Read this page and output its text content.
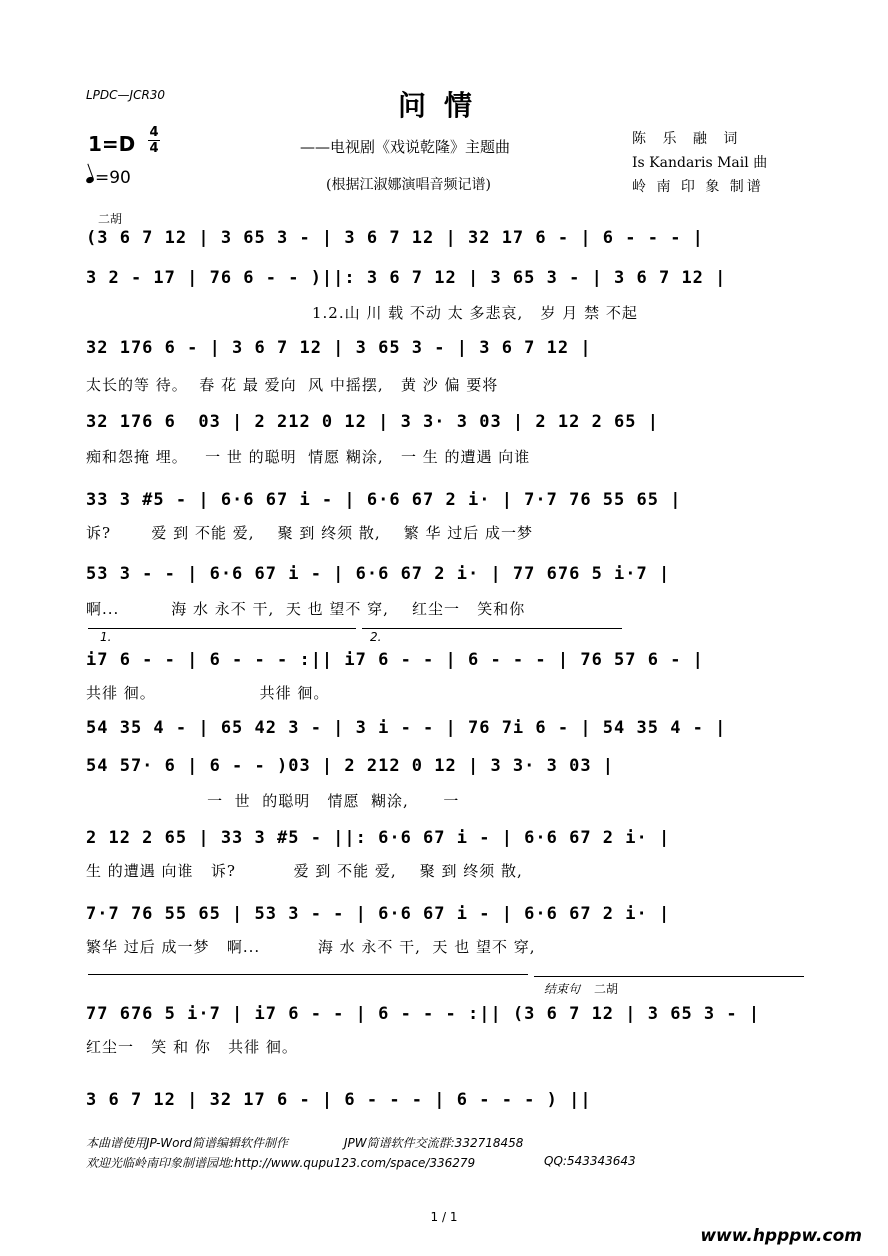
LPDC—JCR30	问情
1=D 4
4
=90
——电视剧《戏说乾隆》主题曲
(根据江淑娜演唱音频记谱)
陈 乐 融 词
Is Kandaris Mail 曲
岭 南 印 象 制谱
二胡
(3 6 7 12 | 3 65 3 - | 3 6 7 12 | 32 17 6 - | 6 - - - |
3 2 - 17 | 76 6 - - )||: 3 6 7 12 | 3 65 3 - | 3 6 7 12 |
1.2.山 川 载 不动 太 多悲哀,   岁 月 禁 不起
32 176 6 - | 3 6 7 12 | 3 65 3 - | 3 6 7 12 |
太长的等 待。  春 花 最 爱向  风 中摇摆,   黄 沙 偏 要将
32 176 6  03 | 2 212 0 12 | 3 3· 3 03 | 2 12 2 65 |
痴和怨掩 埋。   一 世 的聪明  情愿 糊涂,   一 生 的遭遇 向谁
33 3 #5 - | 6·6 67 i - | 6·6 67 2 i· | 7·7 76 55 65 |
诉?       爱 到 不能 爱,    聚 到 终须 散,    繁 华 过后 成一梦
53 3 - - | 6·6 67 i - | 6·6 67 2 i· | 77 676 5 i·7 |
啊...         海 水 永不 干,  天 也 望不 穿,    红尘一   笑和你
1.	2.
i7 6 - - | 6 - - - :|| i7 6 - - | 6 - - - | 76 57 6 - |
共徘 徊。                  共徘 徊。
54 35 4 - | 65 42 3 - | 3 i - - | 76 7i 6 - | 54 35 4 - |
54 57· 6 | 6 - - )03 | 2 212 0 12 | 3 3· 3 03 |
一  世  的聪明   情愿  糊涂,      一
2 12 2 65 | 33 3 #5 - ||: 6·6 67 i - | 6·6 67 2 i· |
生 的遭遇 向谁   诉?          爱 到 不能 爱,    聚 到 终须 散,
7·7 76 55 65 | 53 3 - - | 6·6 67 i - | 6·6 67 2 i· |
繁华 过后 成一梦   啊...          海 水 永不 干,  天 也 望不 穿,
结束句 二胡
77 676 5 i·7 | i7 6 - - | 6 - - - :|| (3 6 7 12 | 3 65 3 - |
红尘一   笑 和 你   共徘 徊。
3 6 7 12 | 32 17 6 - | 6 - - - | 6 - - - ) ||
本曲谱使用JP-Word简谱编辑软件制作	JPW简谱软件交流群:332718458
欢迎光临岭南印象制谱园地:http://www.qupu123.com/space/336279	QQ:543343643
1 / 1
www.hpppw.com
